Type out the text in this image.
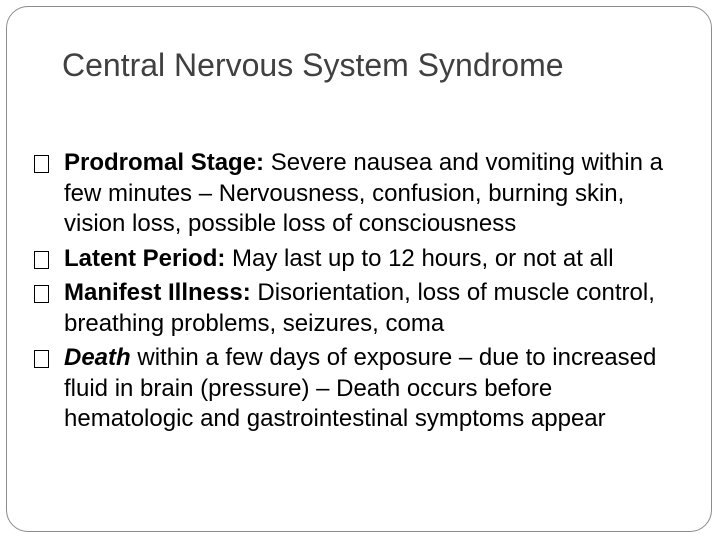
Central Nervous System Syndrome
Prodromal Stage: Severe nausea and vomiting within a few minutes – Nervousness, confusion, burning skin, vision loss, possible loss of consciousness
Latent Period: May last up to 12 hours, or not at all
Manifest Illness: Disorientation, loss of muscle control, breathing problems, seizures, coma
Death within a few days of exposure – due to increased fluid in brain (pressure) – Death occurs before hematologic and gastrointestinal symptoms appear
